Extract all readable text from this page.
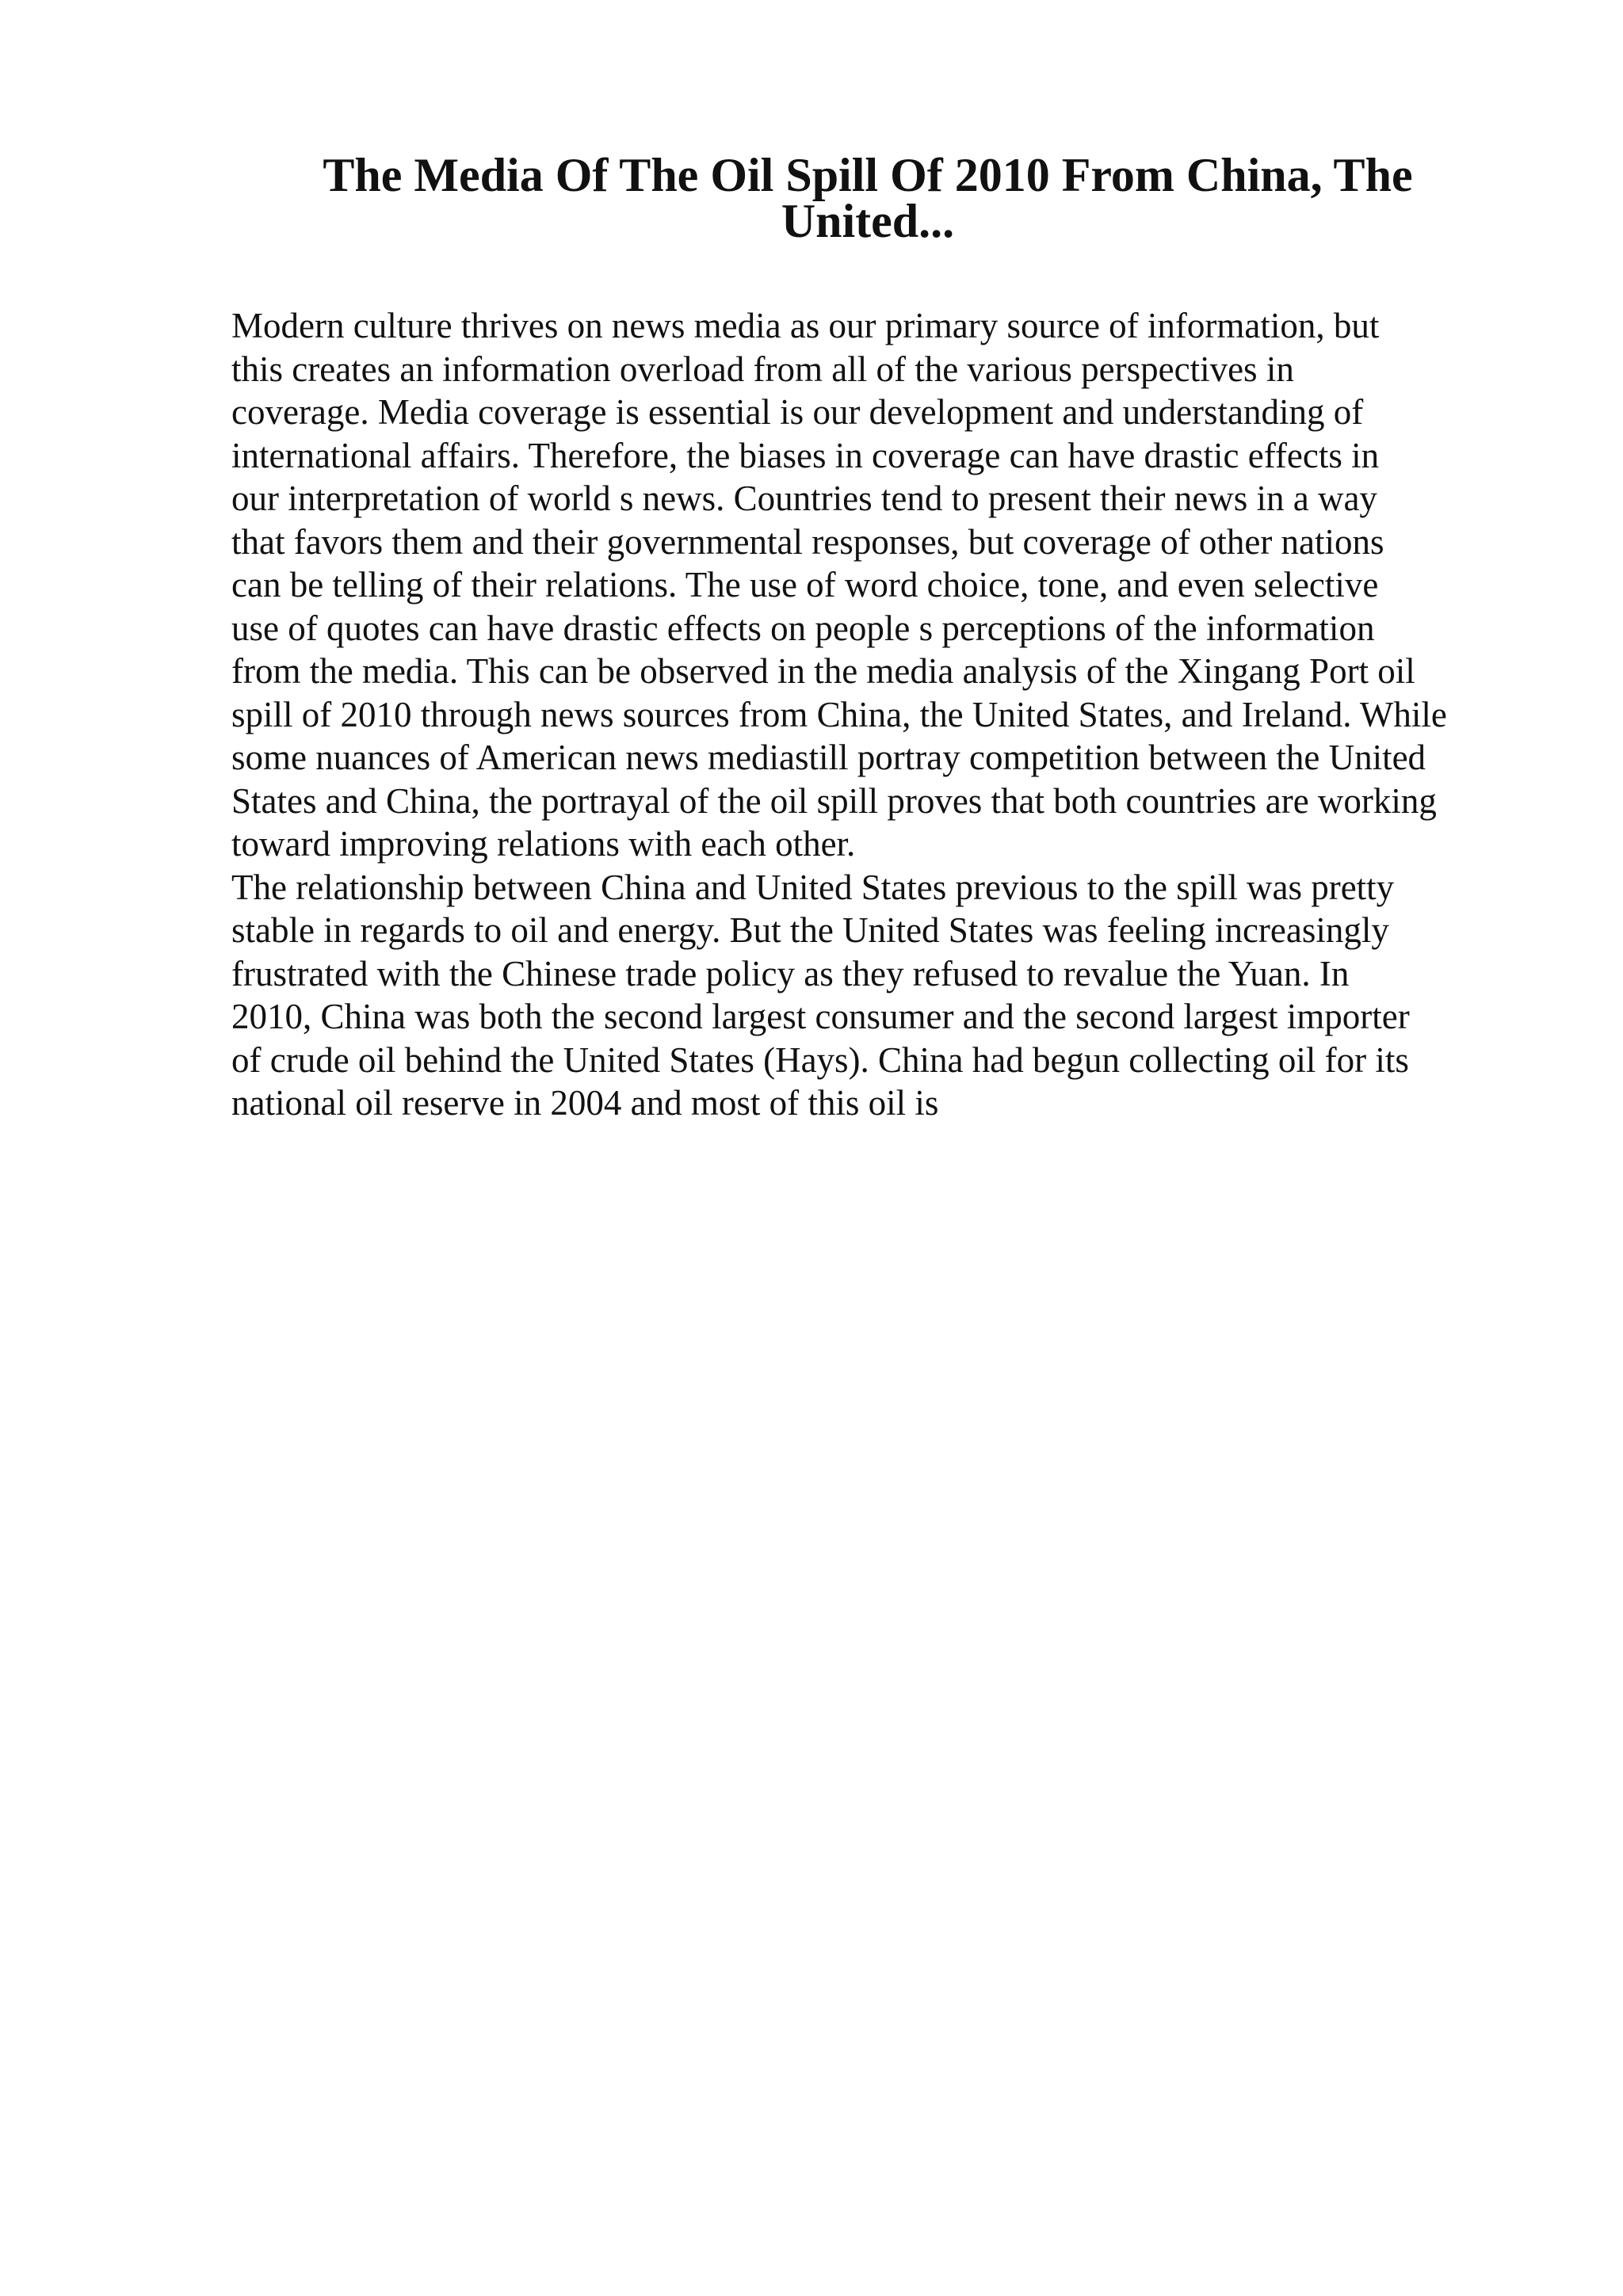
The Media Of The Oil Spill Of 2010 From China, The United...
Modern culture thrives on news media as our primary source of information, but
this creates an information overload from all of the various perspectives in
coverage. Media coverage is essential is our development and understanding of
international affairs. Therefore, the biases in coverage can have drastic effects in
our interpretation of world s news. Countries tend to present their news in a way
that favors them and their governmental responses, but coverage of other nations
can be telling of their relations. The use of word choice, tone, and even selective
use of quotes can have drastic effects on people s perceptions of the information
from the media. This can be observed in the media analysis of the Xingang Port oil
spill of 2010 through news sources from China, the United States, and Ireland. While
some nuances of American news mediastill portray competition between the United
States and China, the portrayal of the oil spill proves that both countries are working
toward improving relations with each other.
The relationship between China and United States previous to the spill was pretty
stable in regards to oil and energy. But the United States was feeling increasingly
frustrated with the Chinese trade policy as they refused to revalue the Yuan. In
2010, China was both the second largest consumer and the second largest importer
of crude oil behind the United States (Hays). China had begun collecting oil for its
national oil reserve in 2004 and most of this oil is
